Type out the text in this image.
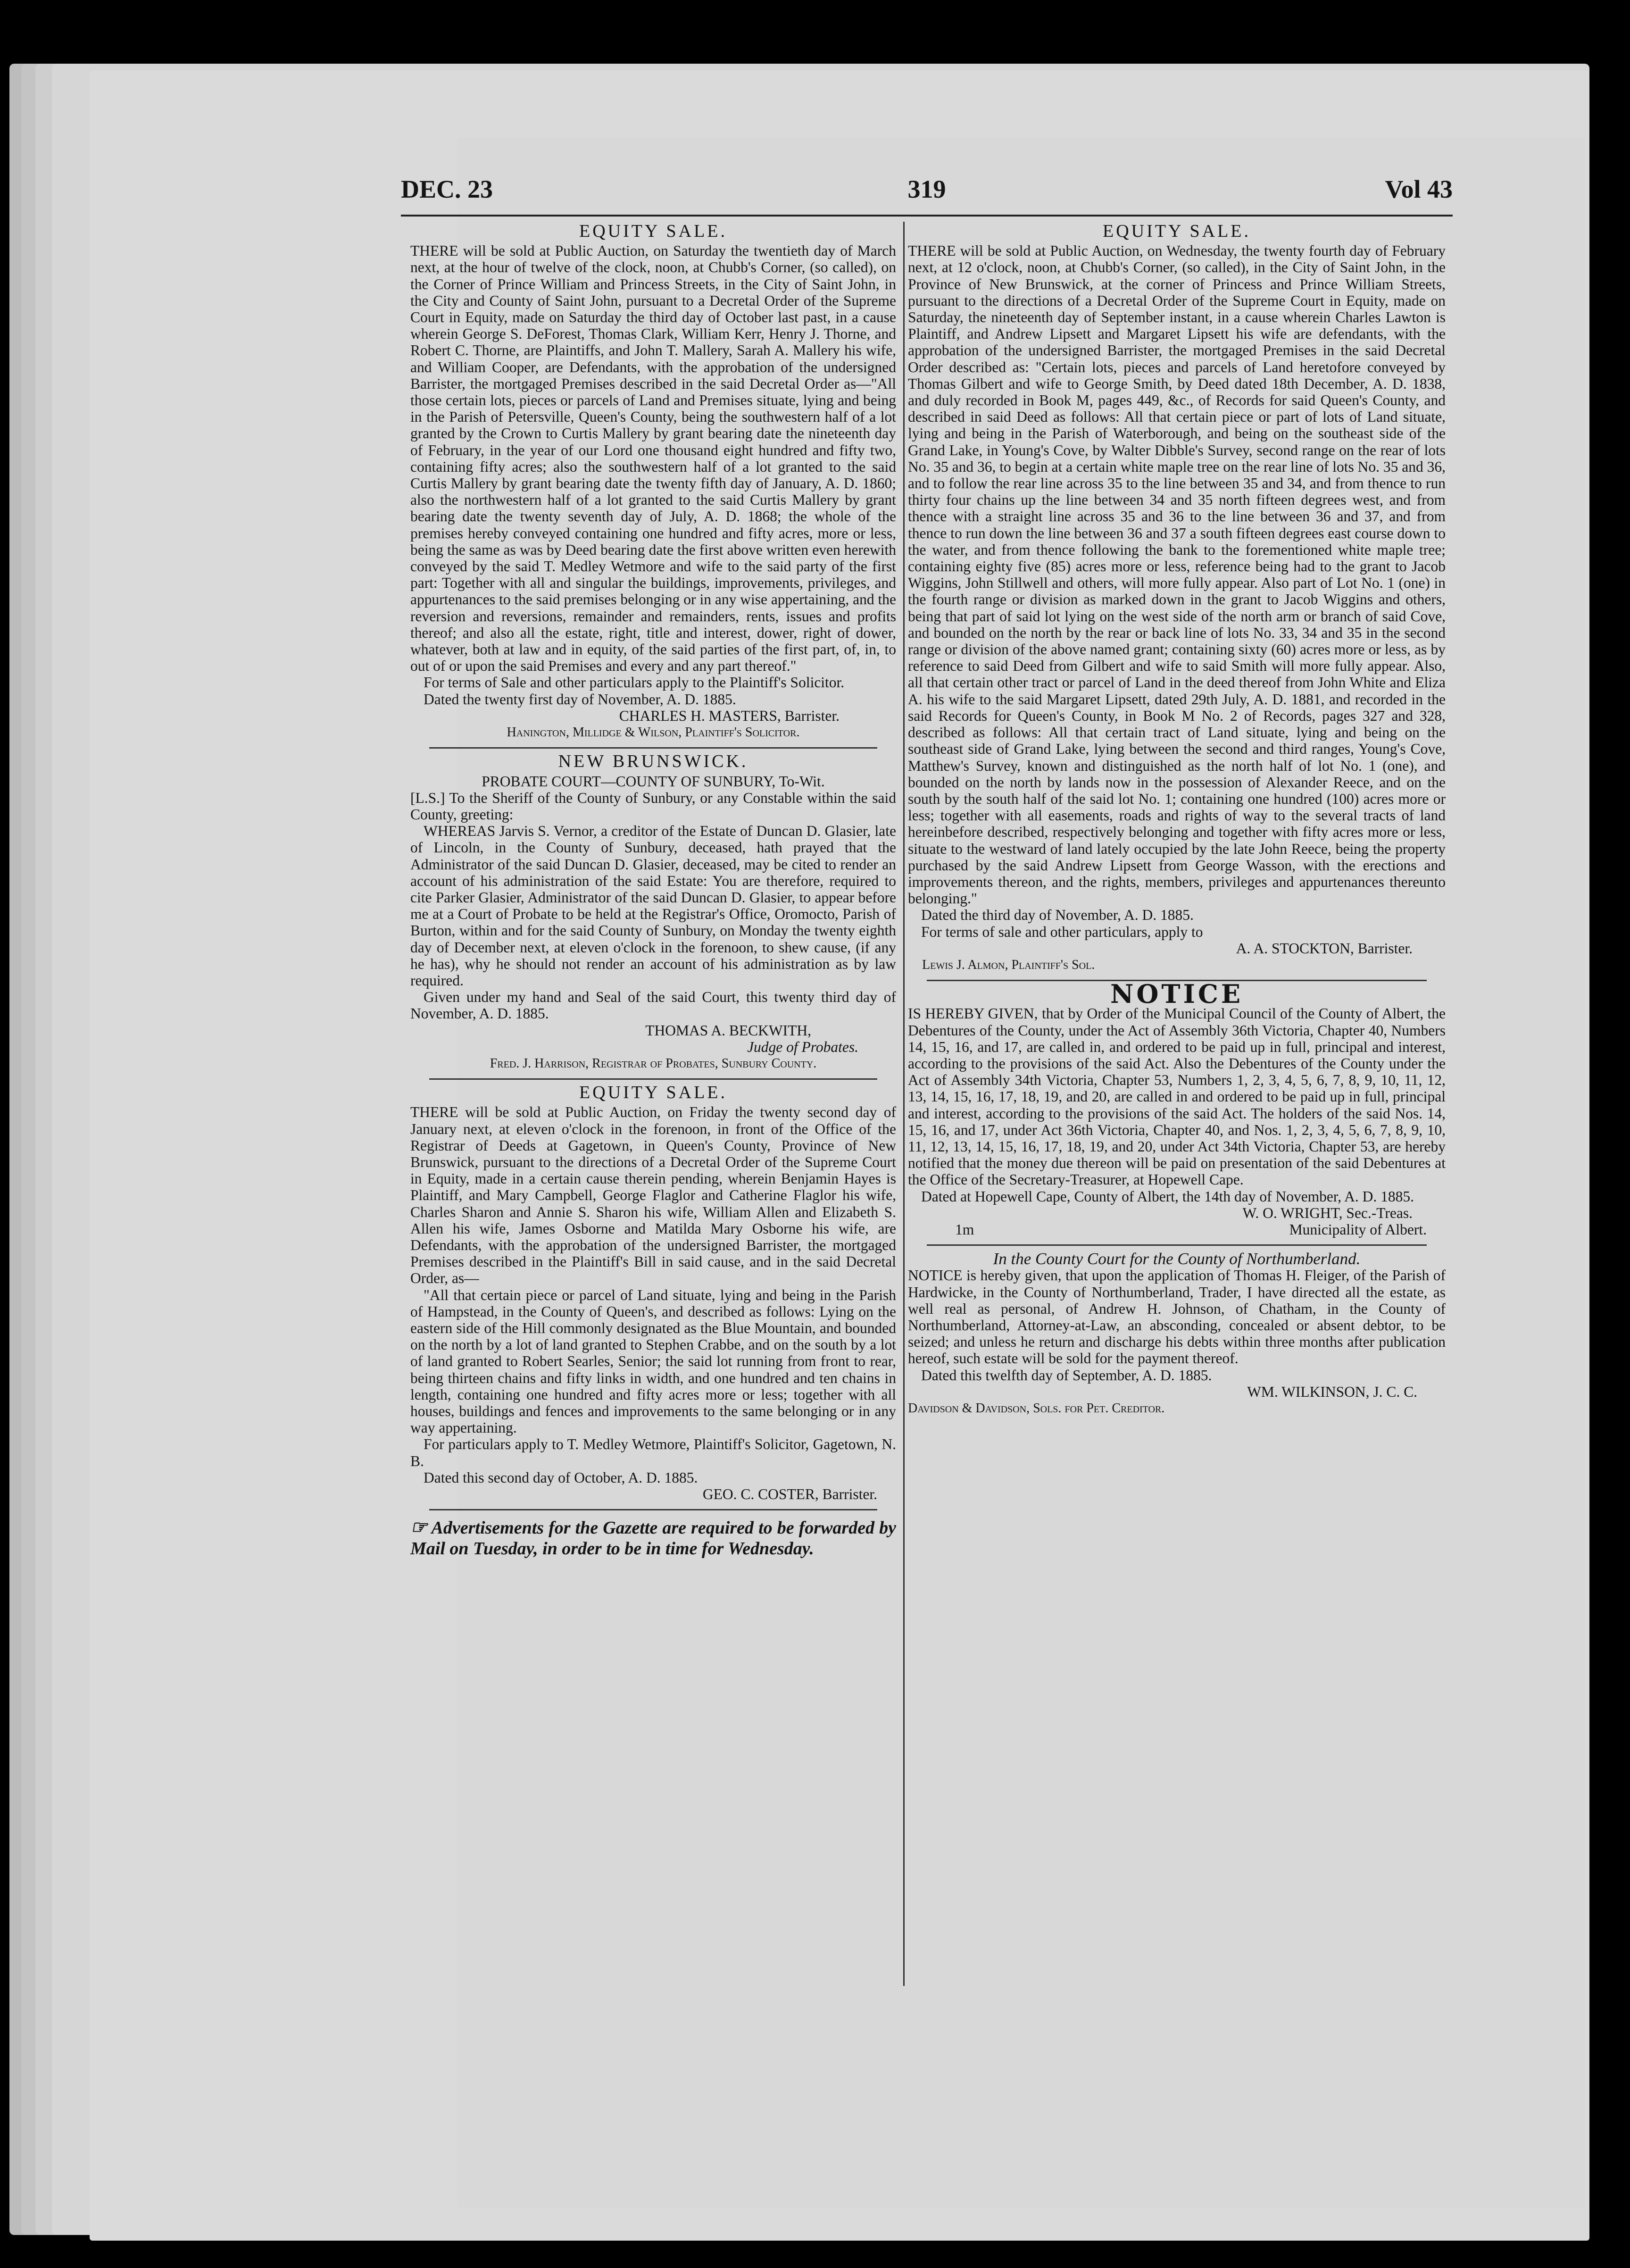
DEC. 23	319	Vol 43

EQUITY SALE.

THERE will be sold at Public Auction, on Saturday the twentieth day of March next, at the hour of twelve of the clock, noon, at Chubb's Corner, (so called), on the Corner of Prince William and Princess Streets, in the City of Saint John, in the City and County of Saint John, pursuant to a Decretal Order of the Supreme Court in Equity, made on Saturday the third day of October last past, in a cause wherein George S. DeForest, Thomas Clark, William Kerr, Henry J. Thorne, and Robert C. Thorne, are Plaintiffs, and John T. Mallery, Sarah A. Mallery his wife, and William Cooper, are Defendants, with the approbation of the undersigned Barrister, the mortgaged Premises described in the said Decretal Order as—"All those certain lots, pieces or parcels of Land and Premises situate, lying and being in the Parish of Petersville, Queen's County, being the southwestern half of a lot granted by the Crown to Curtis Mallery by grant bearing date the nineteenth day of February, in the year of our Lord one thousand eight hundred and fifty two, containing fifty acres; also the southwestern half of a lot granted to the said Curtis Mallery by grant bearing date the twenty fifth day of January, A. D. 1860; also the northwestern half of a lot granted to the said Curtis Mallery by grant bearing date the twenty seventh day of July, A. D. 1868; the whole of the premises hereby conveyed containing one hundred and fifty acres, more or less, being the same as was by Deed bearing date the first above written even herewith conveyed by the said T. Medley Wetmore and wife to the said party of the first part: Together with all and singular the buildings, improvements, privileges, and appurtenances to the said premises belonging or in any wise appertaining, and the reversion and reversions, remainder and remainders, rents, issues and profits thereof; and also all the estate, right, title and interest, dower, right of dower, whatever, both at law and in equity, of the said parties of the first part, of, in, to out of or upon the said Premises and every and any part thereof."

For terms of Sale and other particulars apply to the Plaintiff's Solicitor.

Dated the twenty first day of November, A. D. 1885.

CHARLES H. MASTERS, Barrister.

Hanington, Millidge & Wilson, Plaintiff's Solicitor.

NEW BRUNSWICK.

PROBATE COURT—COUNTY OF SUNBURY, To-Wit.

[L.S.] To the Sheriff of the County of Sunbury, or any Constable within the said County, greeting:

WHEREAS Jarvis S. Vernor, a creditor of the Estate of Duncan D. Glasier, late of Lincoln, in the County of Sunbury, deceased, hath prayed that the Administrator of the said Duncan D. Glasier, deceased, may be cited to render an account of his administration of the said Estate: You are therefore, required to cite Parker Glasier, Administrator of the said Duncan D. Glasier, to appear before me at a Court of Probate to be held at the Registrar's Office, Oromocto, Parish of Burton, within and for the said County of Sunbury, on Monday the twenty eighth day of December next, at eleven o'clock in the forenoon, to shew cause, (if any he has), why he should not render an account of his administration as by law required.

Given under my hand and Seal of the said Court, this twenty third day of November, A. D. 1885.

THOMAS A. BECKWITH,

Judge of Probates.

Fred. J. Harrison, Registrar of Probates, Sunbury County.

EQUITY SALE.

THERE will be sold at Public Auction, on Friday the twenty second day of January next, at eleven o'clock in the forenoon, in front of the Office of the Registrar of Deeds at Gagetown, in Queen's County, Province of New Brunswick, pursuant to the directions of a Decretal Order of the Supreme Court in Equity, made in a certain cause therein pending, wherein Benjamin Hayes is Plaintiff, and Mary Campbell, George Flaglor and Catherine Flaglor his wife, Charles Sharon and Annie S. Sharon his wife, William Allen and Elizabeth S. Allen his wife, James Osborne and Matilda Mary Osborne his wife, are Defendants, with the approbation of the undersigned Barrister, the mortgaged Premises described in the Plaintiff's Bill in said cause, and in the said Decretal Order, as—

"All that certain piece or parcel of Land situate, lying and being in the Parish of Hampstead, in the County of Queen's, and described as follows: Lying on the eastern side of the Hill commonly designated as the Blue Mountain, and bounded on the north by a lot of land granted to Stephen Crabbe, and on the south by a lot of land granted to Robert Searles, Senior; the said lot running from front to rear, being thirteen chains and fifty links in width, and one hundred and ten chains in length, containing one hundred and fifty acres more or less; together with all houses, buildings and fences and improvements to the same belonging or in any way appertaining.

For particulars apply to T. Medley Wetmore, Plaintiff's Solicitor, Gagetown, N. B.

Dated this second day of October, A. D. 1885.

GEO. C. COSTER, Barrister.

☞ Advertisements for the Gazette are required to be forwarded by Mail on Tuesday, in order to be in time for Wednesday.

EQUITY SALE.

THERE will be sold at Public Auction, on Wednesday, the twenty fourth day of February next, at 12 o'clock, noon, at Chubb's Corner, (so called), in the City of Saint John, in the Province of New Brunswick, at the corner of Princess and Prince William Streets, pursuant to the directions of a Decretal Order of the Supreme Court in Equity, made on Saturday, the nineteenth day of September instant, in a cause wherein Charles Lawton is Plaintiff, and Andrew Lipsett and Margaret Lipsett his wife are defendants, with the approbation of the undersigned Barrister, the mortgaged Premises in the said Decretal Order described as: "Certain lots, pieces and parcels of Land heretofore conveyed by Thomas Gilbert and wife to George Smith, by Deed dated 18th December, A. D. 1838, and duly recorded in Book M, pages 449, &c., of Records for said Queen's County, and described in said Deed as follows: All that certain piece or part of lots of Land situate, lying and being in the Parish of Waterborough, and being on the southeast side of the Grand Lake, in Young's Cove, by Walter Dibble's Survey, second range on the rear of lots No. 35 and 36, to begin at a certain white maple tree on the rear line of lots No. 35 and 36, and to follow the rear line across 35 to the line between 35 and 34, and from thence to run thirty four chains up the line between 34 and 35 north fifteen degrees west, and from thence with a straight line across 35 and 36 to the line between 36 and 37, and from thence to run down the line between 36 and 37 a south fifteen degrees east course down to the water, and from thence following the bank to the forementioned white maple tree; containing eighty five (85) acres more or less, reference being had to the grant to Jacob Wiggins, John Stillwell and others, will more fully appear. Also part of Lot No. 1 (one) in the fourth range or division as marked down in the grant to Jacob Wiggins and others, being that part of said lot lying on the west side of the north arm or branch of said Cove, and bounded on the north by the rear or back line of lots No. 33, 34 and 35 in the second range or division of the above named grant; containing sixty (60) acres more or less, as by reference to said Deed from Gilbert and wife to said Smith will more fully appear. Also, all that certain other tract or parcel of Land in the deed thereof from John White and Eliza A. his wife to the said Margaret Lipsett, dated 29th July, A. D. 1881, and recorded in the said Records for Queen's County, in Book M No. 2 of Records, pages 327 and 328, described as follows: All that certain tract of Land situate, lying and being on the southeast side of Grand Lake, lying between the second and third ranges, Young's Cove, Matthew's Survey, known and distinguished as the north half of lot No. 1 (one), and bounded on the north by lands now in the possession of Alexander Reece, and on the south by the south half of the said lot No. 1; containing one hundred (100) acres more or less; together with all easements, roads and rights of way to the several tracts of land hereinbefore described, respectively belonging and together with fifty acres more or less, situate to the westward of land lately occupied by the late John Reece, being the property purchased by the said Andrew Lipsett from George Wasson, with the erections and improvements thereon, and the rights, members, privileges and appurtenances thereunto belonging."

Dated the third day of November, A. D. 1885.

For terms of sale and other particulars, apply to

A. A. STOCKTON, Barrister.

Lewis J. Almon, Plaintiff's Sol.

NOTICE

IS HEREBY GIVEN, that by Order of the Municipal Council of the County of Albert, the Debentures of the County, under the Act of Assembly 36th Victoria, Chapter 40, Numbers 14, 15, 16, and 17, are called in, and ordered to be paid up in full, principal and interest, according to the provisions of the said Act. Also the Debentures of the County under the Act of Assembly 34th Victoria, Chapter 53, Numbers 1, 2, 3, 4, 5, 6, 7, 8, 9, 10, 11, 12, 13, 14, 15, 16, 17, 18, 19, and 20, are called in and ordered to be paid up in full, principal and interest, according to the provisions of the said Act. The holders of the said Nos. 14, 15, 16, and 17, under Act 36th Victoria, Chapter 40, and Nos. 1, 2, 3, 4, 5, 6, 7, 8, 9, 10, 11, 12, 13, 14, 15, 16, 17, 18, 19, and 20, under Act 34th Victoria, Chapter 53, are hereby notified that the money due thereon will be paid on presentation of the said Debentures at the Office of the Secretary-Treasurer, at Hopewell Cape.

Dated at Hopewell Cape, County of Albert, the 14th day of November, A. D. 1885.

W. O. WRIGHT, Sec.-Treas.

1m	Municipality of Albert.

In the County Court for the County of Northumberland.

NOTICE is hereby given, that upon the application of Thomas H. Fleiger, of the Parish of Hardwicke, in the County of Northumberland, Trader, I have directed all the estate, as well real as personal, of Andrew H. Johnson, of Chatham, in the County of Northumberland, Attorney-at-Law, an absconding, concealed or absent debtor, to be seized; and unless he return and discharge his debts within three months after publication hereof, such estate will be sold for the payment thereof.

Dated this twelfth day of September, A. D. 1885.

WM. WILKINSON, J. C. C.

Davidson & Davidson, Sols. for Pet. Creditor.
